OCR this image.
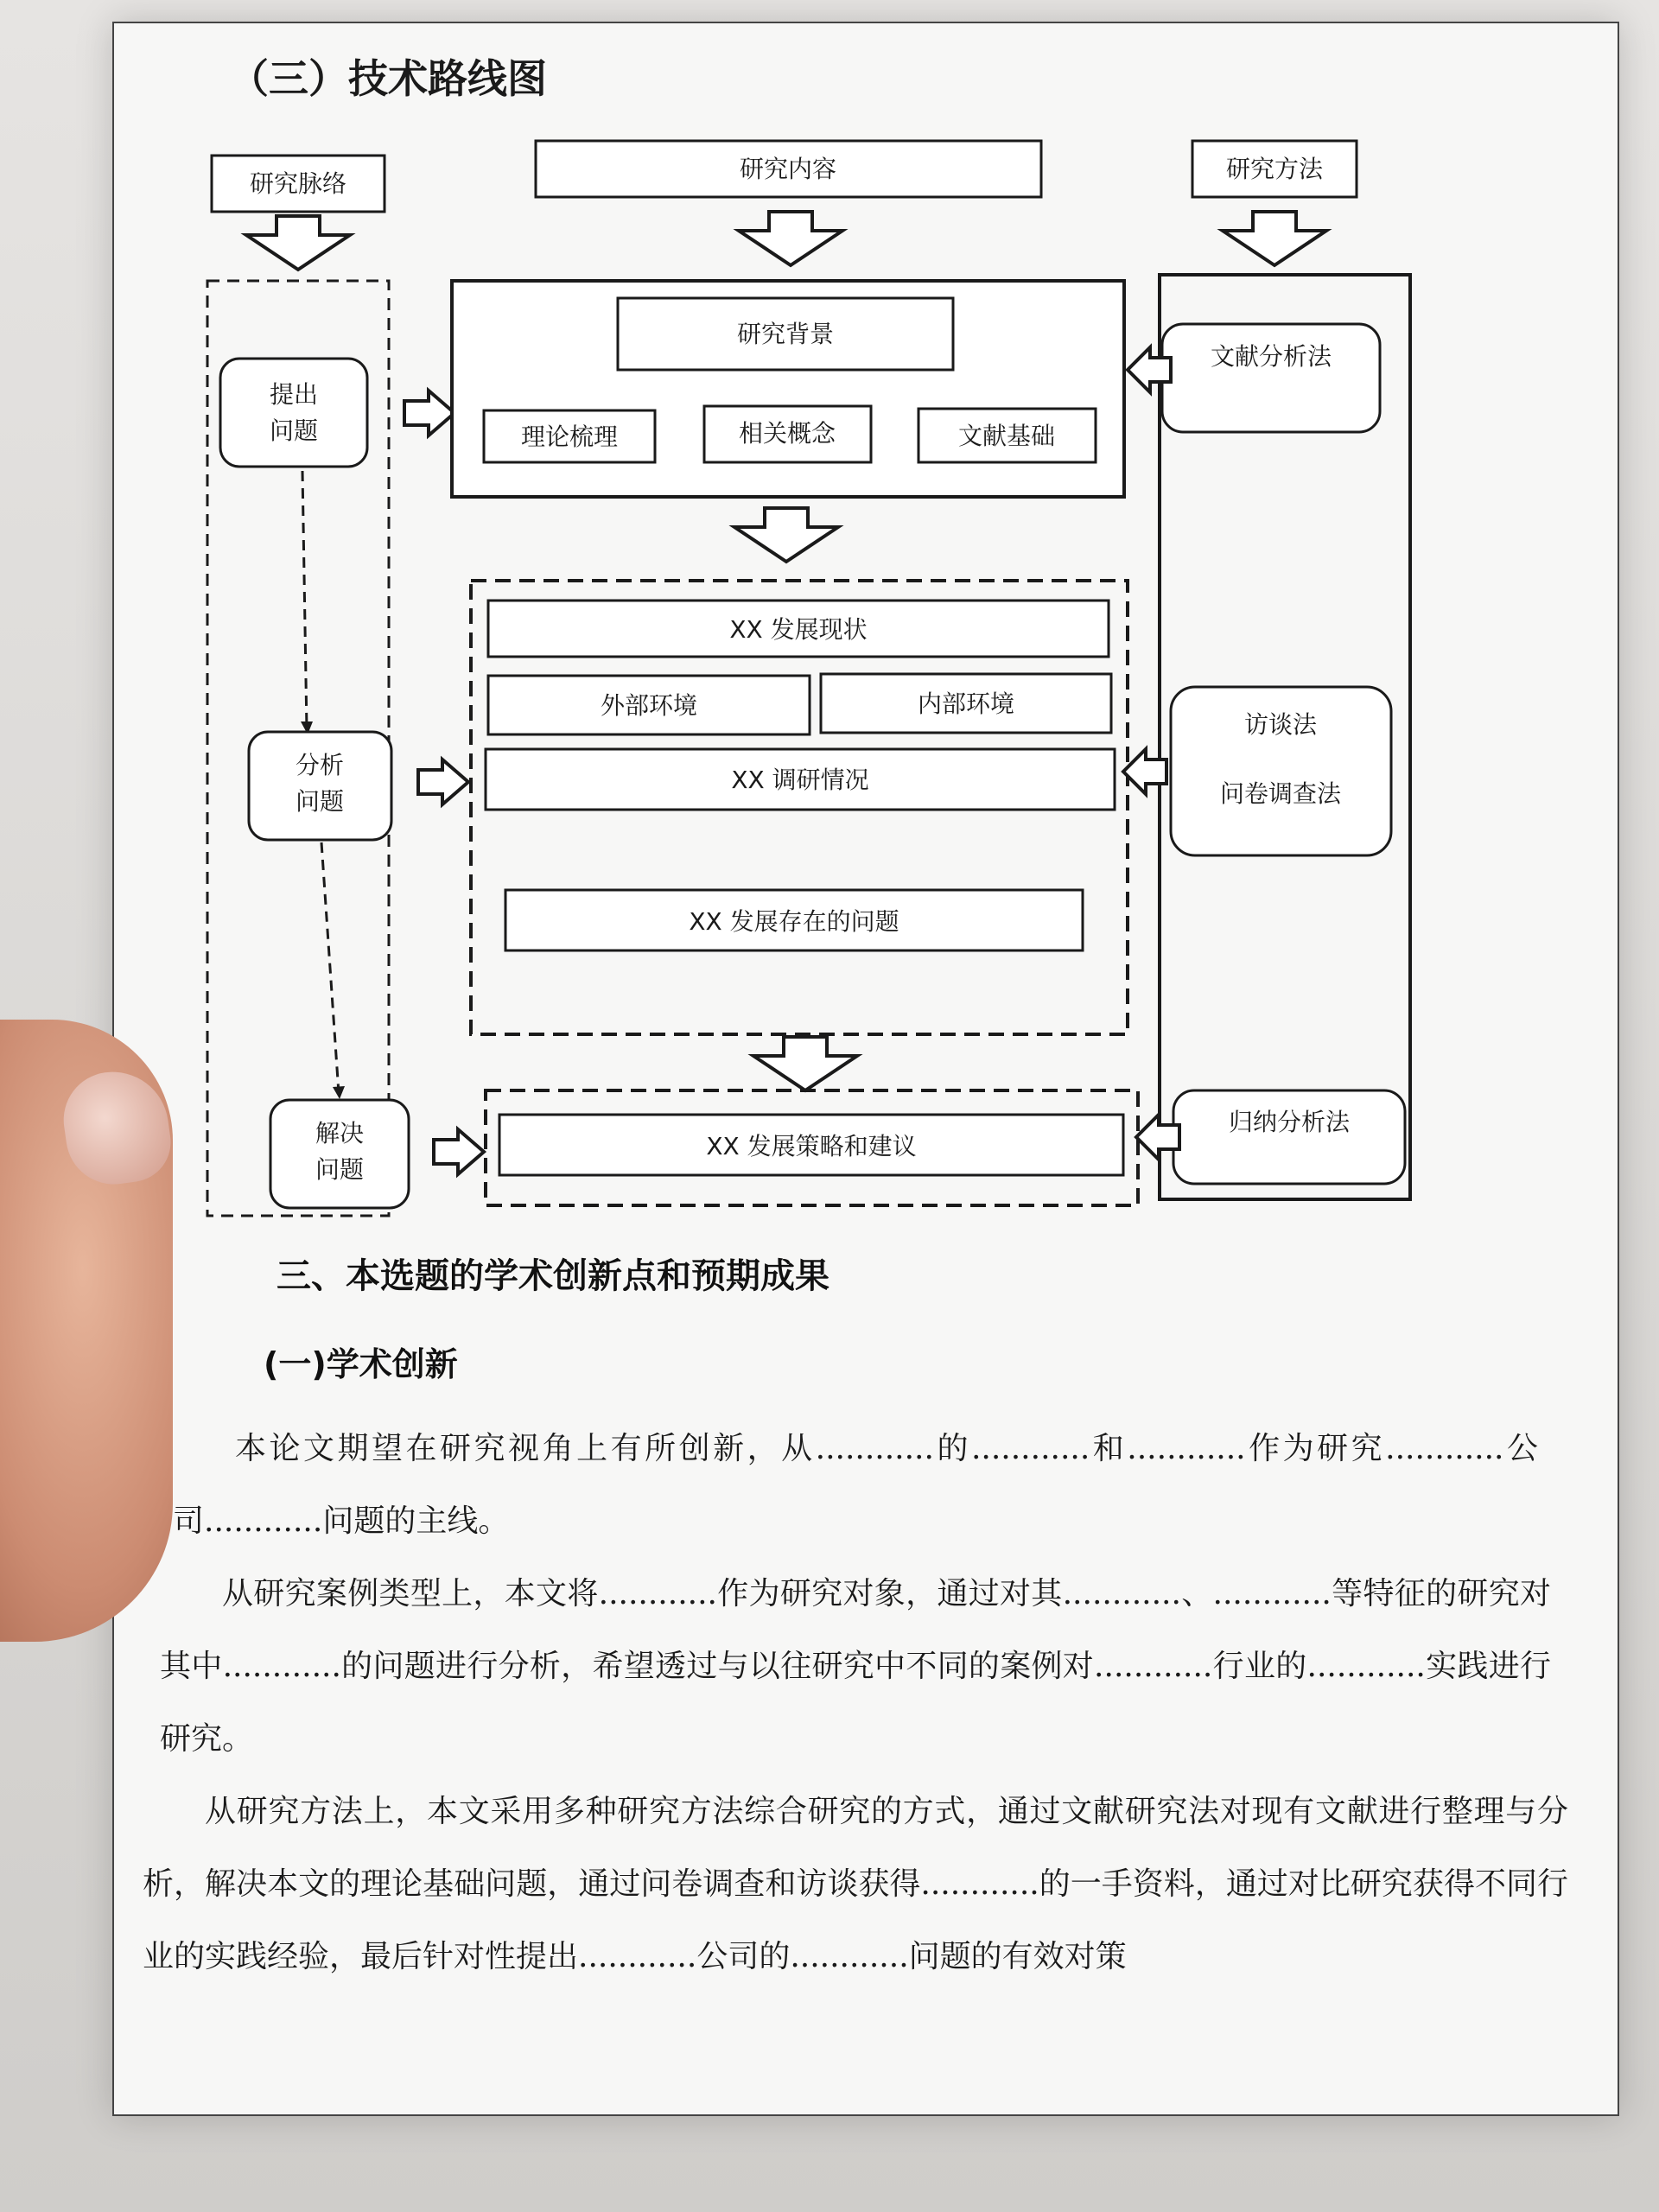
（三）技术路线图
研究脉络
研究内容	研究方法
提出
问题
分析
问题
解决
问题
研究背景
理论梳理	相关概念	文献基础
XX 发展现状
外部环境	内部环境
XX 调研情况
XX 发展存在的问题
XX 发展策略和建议
文献分析法
访谈法
问卷调查法
归纳分析法
三、本选题的学术创新点和预期成果
(一)学术创新

本论文期望在研究视角上有所创新，从............的............和............作为研究............公司............问题的主线。

从研究案例类型上，本文将............作为研究对象，通过对其............、............等特征的研究对其中............的问题进行分析，希望透过与以往研究中不同的案例对............行业的............实践进行研究。

从研究方法上，本文采用多种研究方法综合研究的方式，通过文献研究法对现有文献进行整理与分析，解决本文的理论基础问题，通过问卷调查和访谈获得............的一手资料，通过对比研究获得不同行业的实践经验，最后针对性提出............公司的............问题的有效对策
